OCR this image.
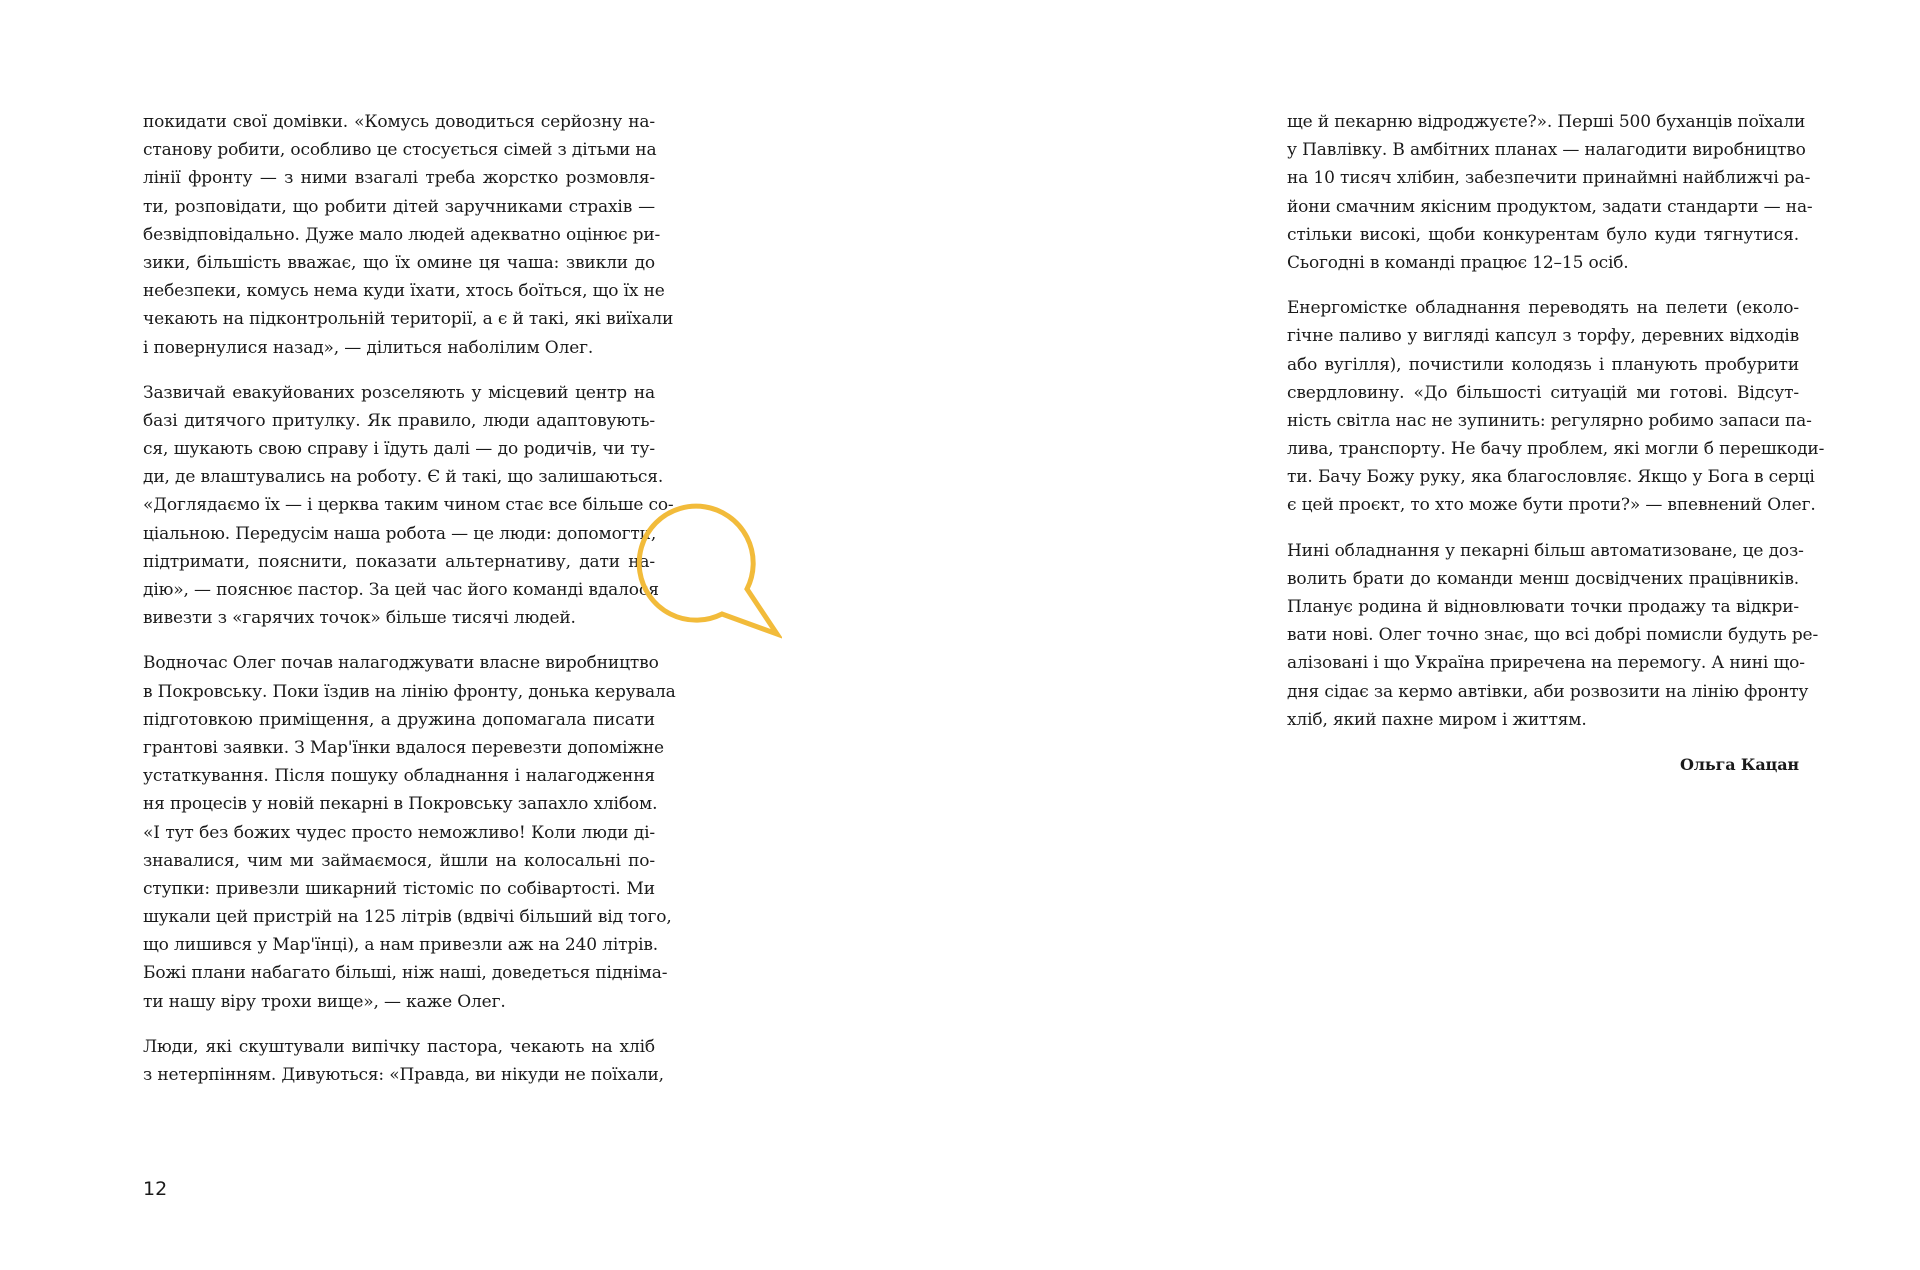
покидати свої домівки. «Комусь доводиться серйозну на-
станову робити, особливо це стосується сімей з дітьми на
лінії фронту — з ними взагалі треба жорстко розмовля-
ти, розповідати, що робити дітей заручниками страхів —
безвідповідально. Дуже мало людей адекватно оцінює ри-
зики, більшість вважає, що їх омине ця чаша: звикли до
небезпеки, комусь нема куди їхати, хтось боїться, що їх не
чекають на підконтрольній території, а є й такі, які виїхали
і повернулися назад», — ділиться наболілим Олег.
Зазвичай евакуйованих розселяють у місцевий центр на
базі дитячого притулку. Як правило, люди адаптовують-
ся, шукають свою справу і їдуть далі — до родичів, чи ту-
ди, де влаштувались на роботу. Є й такі, що залишаються.
«Доглядаємо їх — і церква таким чином стає все більше со-
ціальною. Передусім наша робота — це люди: допомогти,
підтримати, пояснити, показати альтернативу, дати на-
дію», — пояснює пастор. За цей час його команді вдалося
вивезти з «гарячих точок» більше тисячі людей.
Водночас Олег почав налагоджувати власне виробництво
в Покровську. Поки їздив на лінію фронту, донька керувала
підготовкою приміщення, а дружина допомагала писати
грантові заявки. З Мар'їнки вдалося перевезти допоміжне
устаткування. Після пошуку обладнання і налагодження
ня процесів у новій пекарні в Покровську запахло хлібом.
«І тут без божих чудес просто неможливо! Коли люди ді-
знавалися, чим ми займаємося, йшли на колосальні по-
ступки: привезли шикарний тістоміс по собівартості. Ми
шукали цей пристрій на 125 літрів (вдвічі більший від того,
що лишився у Мар'їнці), а нам привезли аж на 240 літрів.
Божі плани набагато більші, ніж наші, доведеться підніма-
ти нашу віру трохи вище», — каже Олег.
Люди, які скуштували випічку пастора, чекають на хліб
з нетерпінням. Дивуються: «Правда, ви нікуди не поїхали,
ще й пекарню відроджуєте?». Перші 500 буханців поїхали
у Павлівку. В амбітних планах — налагодити виробництво
на 10 тисяч хлібин, забезпечити принаймні найближчі ра-
йони смачним якісним продуктом, задати стандарти — на-
стільки високі, щоби конкурентам було куди тягнутися.
Сьогодні в команді працює 12–15 осіб.
Енергомістке обладнання переводять на пелети (еколо-
гічне паливо у вигляді капсул з торфу, деревних відходів
або вугілля), почистили колодязь і планують пробурити
свердловину. «До більшості ситуацій ми готові. Відсут-
ність світла нас не зупинить: регулярно робимо запаси па-
лива, транспорту. Не бачу проблем, які могли б перешкоди-
ти. Бачу Божу руку, яка благословляє. Якщо у Бога в серці
є цей проєкт, то хто може бути проти?» — впевнений Олег.
Нині обладнання у пекарні більш автоматизоване, це доз-
волить брати до команди менш досвідчених працівників.
Планує родина й відновлювати точки продажу та відкри-
вати нові. Олег точно знає, що всі добрі помисли будуть ре-
алізовані і що Україна приречена на перемогу. А нині що-
дня сідає за кермо автівки, аби розвозити на лінію фронту
хліб, який пахне миром і життям.
Ольга Кацан
12
